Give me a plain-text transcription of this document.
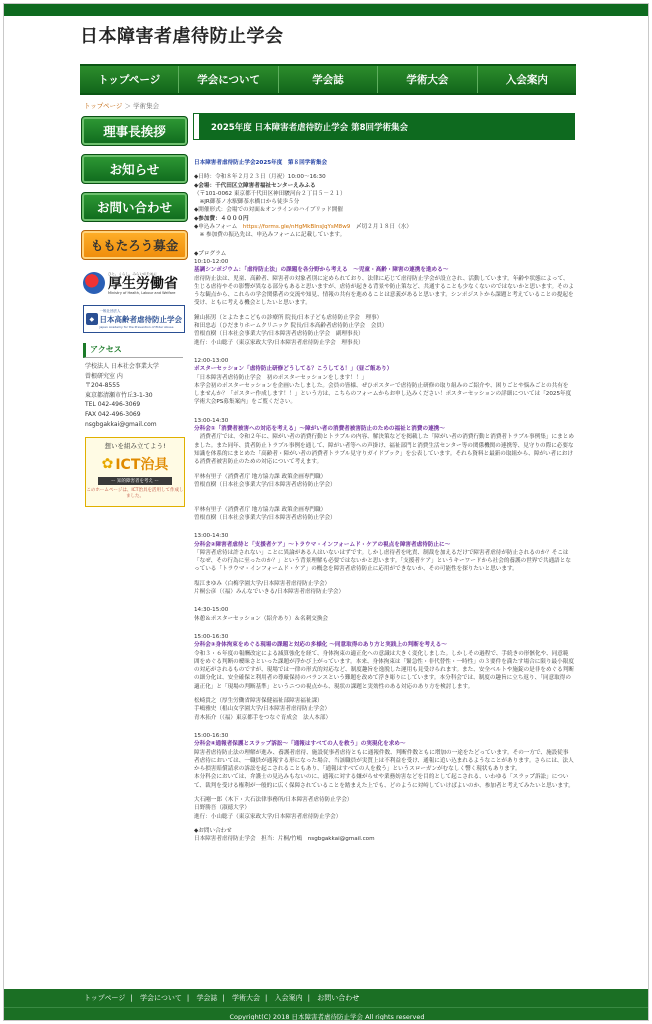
日本障害者虐待防止学会
トップページ	学会について	学会誌	学術大会	入会案内
トップページ ＞ 学術集会
理事長挨拶
お知らせ
お問い合わせ
ももたろう募金
ひと、くらし、みらいのために
厚生労働省
Ministry of Health, Labour and Welfare
◆
一般社団法人
日本高齢者虐待防止学会
Japan Academy for the Prevention of Elder Abuse
アクセス
学校法人 日本社会事業大学
曽根研究室 内
〒204-8555
東京都清瀬市竹丘3-1-30
TEL 042-496-3069
FAX 042-496-3069
nsgbgakkai@gmail.com
想いを組み立てよう!
✿ ICT治具
ー 知的障害者を考え ー
このホームページは、ICT治具を活用して作成しました。
2025年度 日本障害者虐待防止学会 第8回学術集会
日本障害者虐待防止学会2025年度　第８回学術集会
◆日時：令和８年２月２３日（月祝）10:00〜16:30
◆会場：千代田区立障害者福祉センターえみふる
（〒101-0062 東京都千代田区神田駿河台２丁目５－２１）
　※JR御茶ノ水駅御茶水橋口から徒歩５分
◆開催形式：会場での対面＆オンラインのハイブリッド開催
◆参加費：４０００円
◆申込みフォーム　https://forms.gle/nHgMkBInsJqYsM8w9　〆切２月１８日（水）
　※ 参加費の振込先は、申込みフォームに記載しています。
◆プログラム
10:10-12:00
基調シンポジウム：「虐待防止法」の課題を各分野から考える　〜児童・高齢・障害の連携を進める〜
虐待防止法は、児童、高齢者、障害者の対象者別に定められており、法律に応じて虐待防止学会が設立され、活動しています。年齢や状態によって、生じる虐待やその影響が異なる部分もあると思いますが、虐待が起きる背景や防止策など、共通することも少なくないのではないかと思います。そのような観点から、これらの学会関係者の交流や知見、情報の共有を進めることは意義があると思います。シンポジストから課題と考えていることの提起を受け、ともに考える機会としたいと思います。
鐘山拓男（とよたまこどもの診療所 院長/日本子ども虐待防止学会　理事）
和田忠志（ひだまりホームクリニック 院長/日本高齢者虐待防止学会　会員）
曽根直樹（日本社会事業大学/日本障害者虐待防止学会　副理事長）
進行：小山聡子（東京家政大学/日本障害者虐待防止学会　理事長）
12:00-13:00
ポスターセッション「虐待防止研修どうしてる？こうしてる！」（昼ご飯あり）
「日本障害者虐待防止学会　初のポスターセッションをします！！」
本学会初のポスターセッションを企画いたしました。会員の皆様、ぜひポスターで虐待防止研修の取り組みのご紹介や、困りごとや悩みごとの共有をしませんか？「ポスター作成します！！」という方は、こちらのフォームからお申し込みください！ポスターセッションの詳細については「2025年度学術大会PS募集案内」をご覧ください。
13:00-14:30
分科会①「消費者被害への対応を考える」〜障がい者の消費者被害防止のための福祉と消費の連携〜
　消費者庁では、令和２年に、障がい者の消費行動とトラブルの内容、解決策などを掲載した「障がい者の消費行動と消費者トラブル事例集」にまとめました。また同年、貴者防止トラブル事例を通して、障がい者等への声掛け、福祉部門と消費生活センター等の関係機関の連携等、見守りの際に必要な知識を体系的にまとめた「高齢者・障がい者の消費者トラブル見守りガイドブック」を公表しています。それら資料と最新の取組から、障がい者における消費者被害防止のための対応について考えます。
平林有里子（消費者庁 地方協力課 政策企画専門職）
曽根直樹（日本社会事業大学/日本障害者虐待防止学会）
平林有里子（消費者庁 地方協力課 政策企画専門職）
曽根直樹（日本社会事業大学/日本障害者虐待防止学会）
13:00-14:30
分科会②障害者虐待と「支援者ケア」〜トラウマ・インフォームド・ケアの視点を障害者虐待防止に〜
「障害者虐待は許されない」ことに異論がある人はいないはずです。しかし虐待者を叱責、制裁を加えるだけで障害者虐待が防止されるのか？そこは「なぜ、その行為に至ったのか？」という背景理解も必要ではないかと思います。「支援者ケア」というキーワードから社会的養護の世界で共通語となっている「トラウマ・インフォームド・ケア」の概念を障害者虐待防止に応用ができないか、その可能性を探りたいと思います。
塩江まゆみ（白梅学園大学/日本障害者虐待防止学会）
片桐公彦（（福）みんなでいきる/日本障害者虐待防止学会）
14:30-15:00
休憩＆ポスターセッション（紹介あり）＆名刺交換会
15:00-16:30
分科会③身体拘束をめぐる現場の課題と対応の多様化 〜同意取得のあり方と実践上の判断を考える〜
令和３・６年度の報酬改定による減算強化を経て、身体拘束の適正化への意識は大きく変化しました。しかしその過程で、手続きの形骸化や、同意範囲をめぐる判断の曖昧さといった課題が浮かび上がっています。本来、身体拘束は「緊急性・非代替性・一時性」の３要件を満たす場合に限り最小限度の対応がされるものですが、現場では一律の形式的対応など、制度趣旨を逸脱した運用も見受けられます。また、安全ベルトや施錠の是非をめぐる判断の細分化は、安全確保と利用者の尊厳保持のバランスという難題を改めて浮き彫りにしています。本分科会では、制度の趣旨に立ち返り、「同意取得の適正化」と「現場の判断基準」というニつの視点から、現状の課題と実効性のある対応のあり方を検討します。
松崎貴之（厚生労働省障害保健福祉部障害福祉課）
手嶋雅史（椙山女学園大学/日本障害者虐待防止学会）
青木拓介（（福）東京都手をつなぐ育成会　法人本部）
15:00-16:30
分科会④通報者保護とスラップ訴訟〜「通報はすべての人を救う」の実現化を求め〜
障害者虐待防止法の理解が進み、養護者虐待、施設従事者虐待ともに通報件数、判断件数ともに増加の一途をたどっています。その一方で、施設従事者虐待においては、一職員が通報する形になった場合、当該職員が実質上は不利益を受け、通報に追い込まれるようなことがあります。さらには、法人から損害賠償請求の訴訟を起こされることもあり、「通報はすべての人を救う」というスローガンがむなしく響く現状もあります。
本分科会においては、弁護士の見込みもないのに、通報に対する嫌がらせや業務妨害などを目的として起こされる、いわゆる「スラップ訴訟」について、裁判を受ける権利が一般的に広く保障されていることを踏まえた上でも、どのように対峙していけばよいのか、参加者と考えてみたいと思います。
大石剛一郎（木下・大石法律事務所/日本障害者虐待防止学会）
日野勝吾（淑徳大学）
進行：小山聡子（東京家政大学/日本障害者虐待防止学会）
◆お問い合わせ
日本障害者虐待防止学会　担当：片桐/竹嶋　nsgbgakkai@gmail.com
トップページ | 学会について | 学会誌 | 学術大会 | 入会案内 | お問い合わせ
Copyright(C) 2018 日本障害者虐待防止学会 All rights reserved
